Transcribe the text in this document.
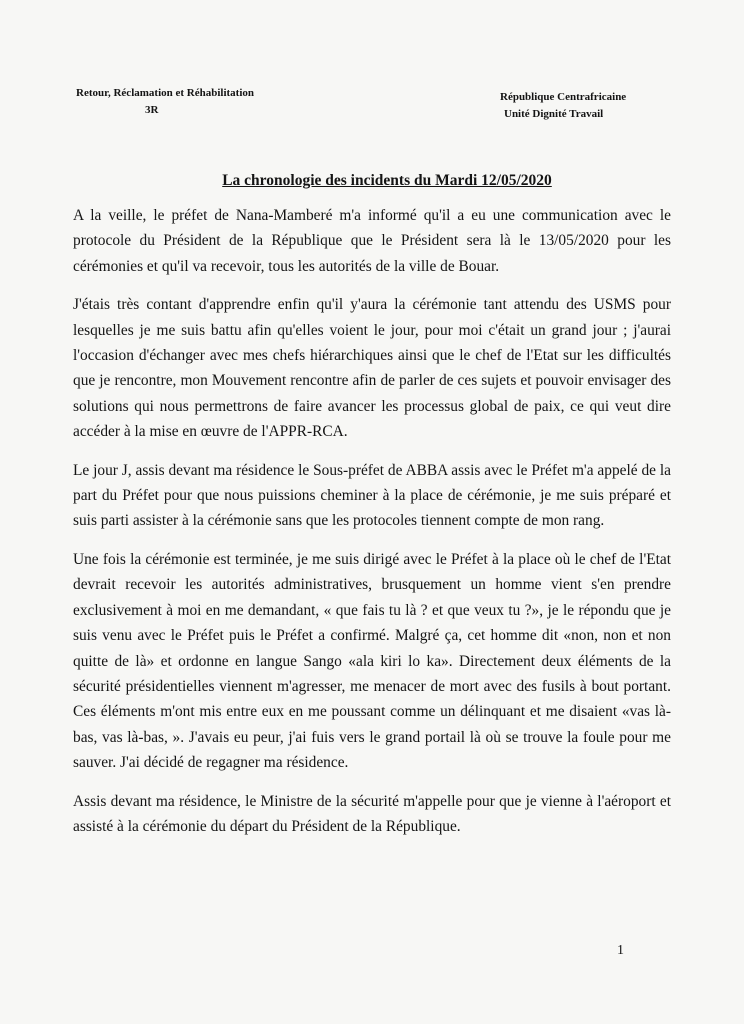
Retour, Réclamation et Réhabilitation
3R
République Centrafricaine
Unité Dignité Travail
La chronologie des incidents du Mardi 12/05/2020

A la veille, le préfet de Nana-Mamberé m'a informé qu'il a eu une communication avec le protocole du Président de la République que le Président sera là le 13/05/2020 pour les cérémonies et qu'il va recevoir, tous les autorités de la ville de Bouar.

J'étais très contant d'apprendre enfin qu'il y'aura la cérémonie tant attendu des USMS pour lesquelles je me suis battu afin qu'elles voient le jour, pour moi c'était un grand jour ; j'aurai l'occasion d'échanger avec mes chefs hiérarchiques ainsi que le chef de l'Etat sur les difficultés que je rencontre, mon Mouvement rencontre afin de parler de ces sujets et pouvoir envisager des solutions qui nous permettrons de faire avancer les processus global de paix, ce qui veut dire accéder à la mise en œuvre de l'APPR-RCA.

Le jour J, assis devant ma résidence le Sous-préfet de ABBA assis avec le Préfet m'a appelé de la part du Préfet pour que nous puissions cheminer à la place de cérémonie, je me suis préparé et suis parti assister à la cérémonie sans que les protocoles tiennent compte de mon rang.

Une fois la cérémonie est terminée, je me suis dirigé avec le Préfet à la place où le chef de l'Etat devrait recevoir les autorités administratives, brusquement un homme vient s'en prendre exclusivement à moi en me demandant, « que fais tu là ? et que veux tu ?», je le répondu que je suis venu avec le Préfet puis le Préfet a confirmé. Malgré ça, cet homme dit «non, non et non quitte de là» et ordonne en langue Sango «ala kiri lo ka». Directement deux éléments de la sécurité présidentielles viennent m'agresser, me menacer de mort avec des fusils à bout portant. Ces éléments m'ont mis entre eux en me poussant comme un délinquant et me disaient «vas là-bas, vas là-bas, ». J'avais eu peur, j'ai fuis vers le grand portail là où se trouve la foule pour me sauver. J'ai décidé de regagner ma résidence.

Assis devant ma résidence, le Ministre de la sécurité m'appelle pour que je vienne à l'aéroport et assisté à la cérémonie du départ du Président de la République.

1
